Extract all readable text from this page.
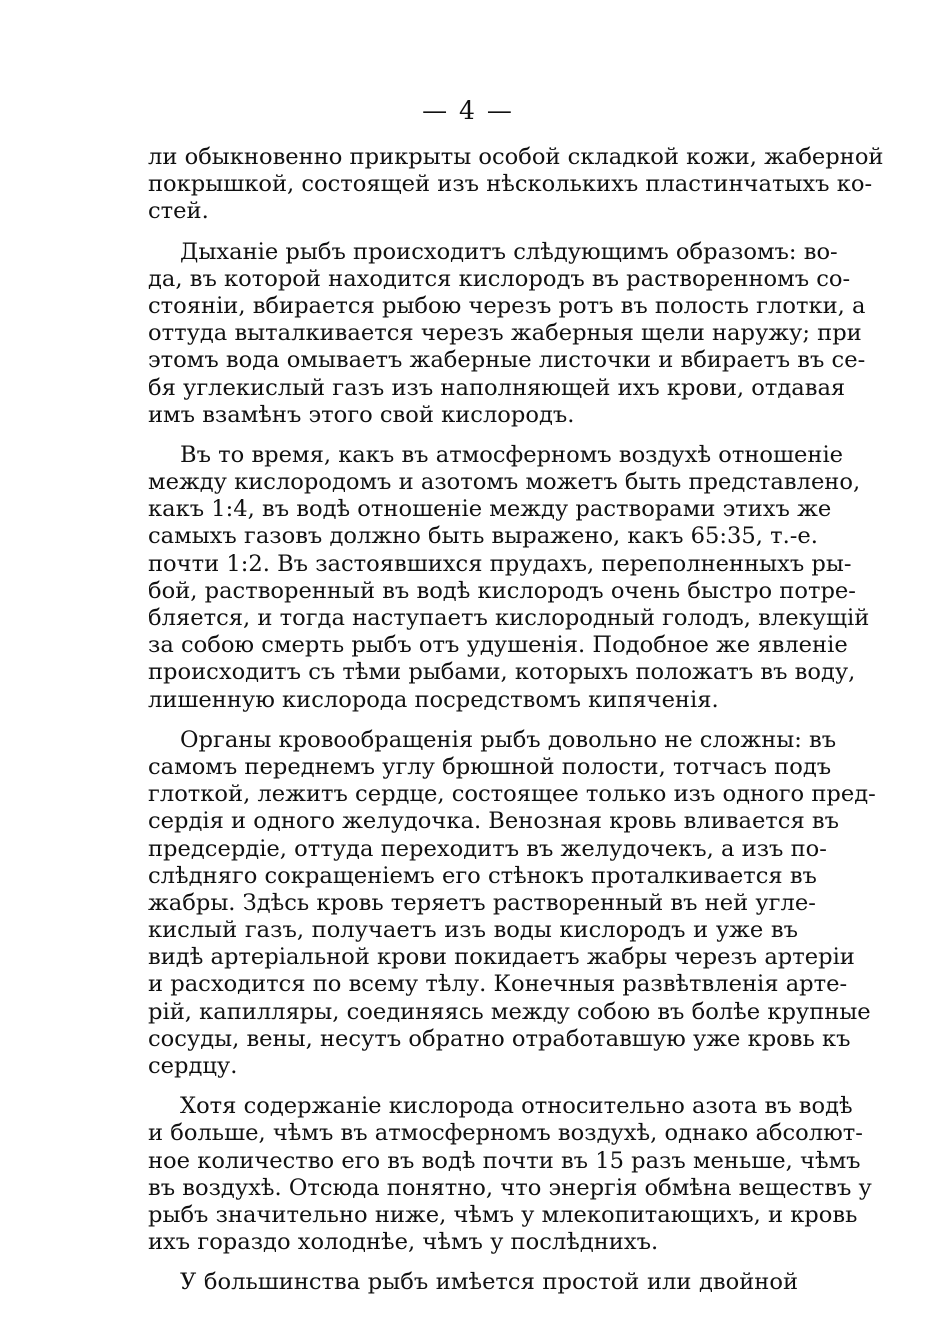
— 4 —
ли обыкновенно прикрыты особой складкой кожи, жаберной
покрышкой, состоящей изъ нѣсколькихъ пластинчатыхъ ко-
стей.
Дыханіе рыбъ происходитъ слѣдующимъ образомъ: во-
да, въ которой находится кислородъ въ растворенномъ со-
стояніи, вбирается рыбою черезъ ротъ въ полость глотки, а
оттуда выталкивается черезъ жаберныя щели наружу; при
этомъ вода омываетъ жаберные листочки и вбираетъ въ се-
бя углекислый газъ изъ наполняющей ихъ крови, отдавая
имъ взамѣнъ этого свой кислородъ.
Въ то время, какъ въ атмосферномъ воздухѣ отношеніе
между кислородомъ и азотомъ можетъ быть представлено,
какъ 1:4, въ водѣ отношеніе между растворами этихъ же
самыхъ газовъ должно быть выражено, какъ 65:35, т.-е.
почти 1:2. Въ застоявшихся прудахъ, переполненныхъ ры-
бой, растворенный въ водѣ кислородъ очень быстро потре-
бляется, и тогда наступаетъ кислородный голодъ, влекущій
за собою смерть рыбъ отъ удушенія. Подобное же явленіе
происходитъ съ тѣми рыбами, которыхъ положатъ въ воду,
лишенную кислорода посредствомъ кипяченія.
Органы кровообращенія рыбъ довольно не сложны: въ
самомъ переднемъ углу брюшной полости, тотчасъ подъ
глоткой, лежитъ сердце, состоящее только изъ одного пред-
сердія и одного желудочка. Венозная кровь вливается въ
предсердіе, оттуда переходитъ въ желудочекъ, а изъ по-
слѣдняго сокращеніемъ его стѣнокъ проталкивается въ
жабры. Здѣсь кровь теряетъ растворенный въ ней угле-
кислый газъ, получаетъ изъ воды кислородъ и уже въ
видѣ артеріальной крови покидаетъ жабры черезъ артеріи
и расходится по всему тѣлу. Конечныя развѣтвленія арте-
рій, капилляры, соединяясь между собою въ болѣе крупные
сосуды, вены, несутъ обратно отработавшую уже кровь къ
сердцу.
Хотя содержаніе кислорода относительно азота въ водѣ
и больше, чѣмъ въ атмосферномъ воздухѣ, однако абсолют-
ное количество его въ водѣ почти въ 15 разъ меньше, чѣмъ
въ воздухѣ. Отсюда понятно, что энергія обмѣна веществъ у
рыбъ значительно ниже, чѣмъ у млекопитающихъ, и кровь
ихъ гораздо холоднѣе, чѣмъ у послѣднихъ.
У большинства рыбъ имѣется простой или двойной
